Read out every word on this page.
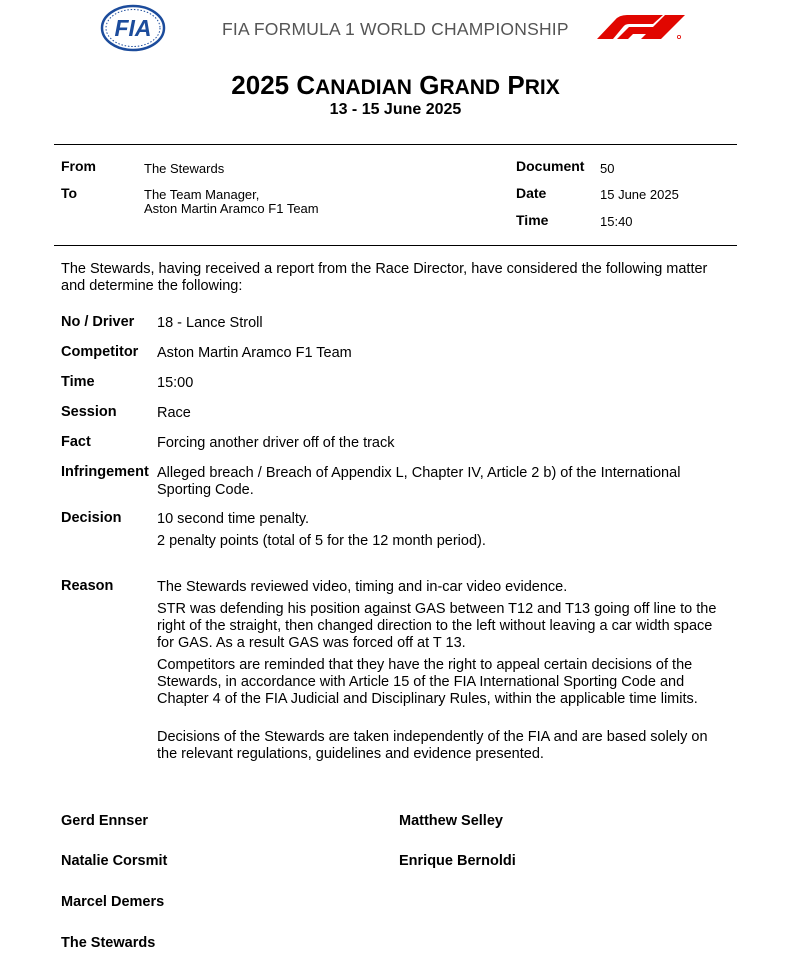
FIA	FIA FORMULA 1 WORLD CHAMPIONSHIP
2025 CANADIAN GRAND PRIX
13 - 15 June 2025
From	The Stewards
To	The Team Manager,
Aston Martin Aramco F1 Team
Document 50
Date	15 June 2025
Time	15:40
The Stewards, having received a report from the Race Director, have considered the following matter and determine the following:
No / Driver 18 - Lance Stroll
Competitor Aston Martin Aramco F1 Team
Time	15:00
Session	Race
Fact	Forcing another driver off of the track
Infringement Alleged breach / Breach of Appendix L, Chapter IV, Article 2 b) of the International Sporting Code.
Decision 10 second time penalty.
2 penalty points (total of 5 for the 12 month period).
Reason	The Stewards reviewed video, timing and in-car video evidence.
STR was defending his position against GAS between T12 and T13 going off line to the right of the straight, then changed direction to the left without leaving a car width space for GAS. As a result GAS was forced off at T 13.
Competitors are reminded that they have the right to appeal certain decisions of the Stewards, in accordance with Article 15 of the FIA International Sporting Code and Chapter 4 of the FIA Judicial and Disciplinary Rules, within the applicable time limits.
Decisions of the Stewards are taken independently of the FIA and are based solely on the relevant regulations, guidelines and evidence presented.
Gerd Ennser	Matthew Selley
Natalie Corsmit	Enrique Bernoldi
Marcel Demers
The Stewards
